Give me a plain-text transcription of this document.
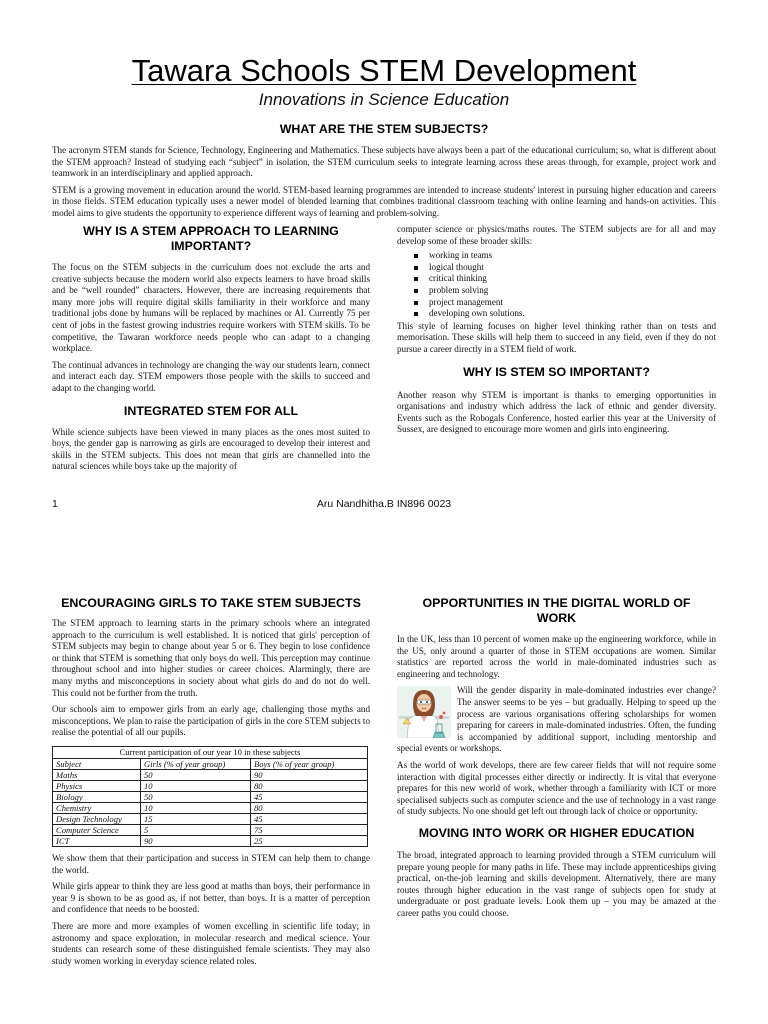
Tawara Schools STEM Development
Innovations in Science Education
WHAT ARE THE STEM SUBJECTS?

The acronym STEM stands for Science, Technology, Engineering and Mathematics. These subjects have always been a part of the educational curriculum; so, what is different about the STEM approach? Instead of studying each “subject” in isolation, the STEM curriculum seeks to integrate learning across these areas through, for example, project work and teamwork in an interdisciplinary and applied approach.

STEM is a growing movement in education around the world. STEM-based learning programmes are intended to increase students' interest in pursuing higher education and careers in those fields. STEM education typically uses a newer model of blended learning that combines traditional classroom teaching with online learning and hands-on activities. This model aims to give students the opportunity to experience different ways of learning and problem-solving.

WHY IS A STEM APPROACH TO LEARNING IMPORTANT?

The focus on the STEM subjects in the curriculum does not exclude the arts and creative subjects because the modern world also expects learners to have broad skills and be “well rounded” characters. However, there are increasing requirements that many more jobs will require digital skills familiarity in their workforce and many traditional jobs done by humans will be replaced by machines or AI. Currently 75 per cent of jobs in the fastest growing industries require workers with STEM skills. To be competitive, the Tawaran workforce needs people who can adapt to a changing workplace.

The continual advances in technology are changing the way our students learn, connect and interact each day. STEM empowers those people with the skills to succeed and adapt to the changing world.

INTEGRATED STEM FOR ALL

While science subjects have been viewed in many places as the ones most suited to boys, the gender gap is narrowing as girls are encouraged to develop their interest and skills in the STEM subjects. This does not mean that girls are channelled into the natural sciences while boys take up the majority of

computer science or physics/maths routes. The STEM subjects are for all and may develop some of these broader skills:

working in teams
logical thought
critical thinking
problem solving
project management
developing own solutions.

This style of learning focuses on higher level thinking rather than on tests and memorisation. These skills will help them to succeed in any field, even if they do not pursue a career directly in a STEM field of work.

WHY IS STEM SO IMPORTANT?

Another reason why STEM is important is thanks to emerging opportunities in organisations and industry which address the lack of ethnic and gender diversity. Events such as the Robogals Conference, hosted earlier this year at the University of Sussex, are designed to encourage more women and girls into engineering.

1	Aru Nandhitha.B IN896 0023
ENCOURAGING GIRLS TO TAKE STEM SUBJECTS

The STEM approach to learning starts in the primary schools where an integrated approach to the curriculum is well established. It is noticed that girls' perception of STEM subjects may begin to change about year 5 or 6. They begin to lose confidence or think that STEM is something that only boys do well. This perception may continue throughout school and into higher studies or career choices. Alarmingly, there are many myths and misconceptions in society about what girls do and do not do well. This could not be further from the truth.

Our schools aim to empower girls from an early age, challenging those myths and misconceptions. We plan to raise the participation of girls in the core STEM subjects to realise the potential of all our pupils.

Current participation of our year 10 in these subjects
Subject	Girls (% of year group)	Boys (% of year group)
Maths	50	90
Physics	10	80
Biology	50	45
Chemistry	10	80
Design Technology	15	45
Computer Science	5	75
ICT	90	25

We show them that their participation and success in STEM can help them to change the world.

While girls appear to think they are less good at maths than boys, their performance in year 9 is shown to be as good as, if not better, than boys. It is a matter of perception and confidence that needs to be boosted.

There are more and more examples of women excelling in scientific life today; in astronomy and space exploration, in molecular research and medical science. Your students can research some of these distinguished female scientists. They may also study women working in everyday science related roles.

OPPORTUNITIES IN THE DIGITAL WORLD OF WORK

In the UK, less than 10 percent of women make up the engineering workforce, while in the US, only around a quarter of those in STEM occupations are women. Similar statistics are reported across the world in male-dominated industries such as engineering and technology.

Will the gender disparity in male-dominated industries ever change? The answer seems to be yes – but gradually. Helping to speed up the process are various organisations offering scholarships for women preparing for careers in male-dominated industries. Often, the funding is accompanied by additional support, including mentorship and special events or workshops.

As the world of work develops, there are few career fields that will not require some interaction with digital processes either directly or indirectly. It is vital that everyone prepares for this new world of work, whether through a familiarity with ICT or more specialised subjects such as computer science and the use of technology in a vast range of study subjects. No one should get left out through lack of choice or opportunity.

MOVING INTO WORK OR HIGHER EDUCATION

The broad, integrated approach to learning provided through a STEM curriculum will prepare young people for many paths in life. These may include apprenticeships giving practical, on-the-job learning and skills development. Alternatively, there are many routes through higher education in the vast range of subjects open for study at undergraduate or post graduate levels. Look them up – you may be amazed at the career paths you could choose.
